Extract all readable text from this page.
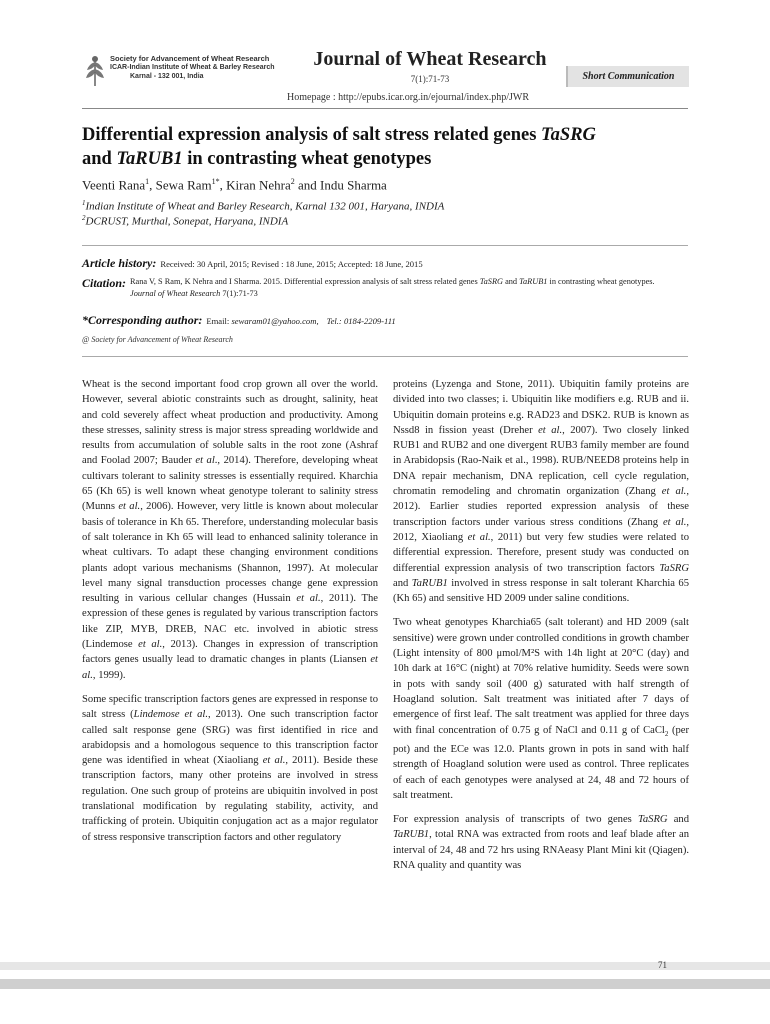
Society for Advancement of Wheat Research
ICAR-Indian Institute of Wheat & Barley Research
Karnal - 132 001, India
Journal of Wheat Research
7(1):71-73
Homepage : http://epubs.icar.org.in/ejournal/index.php/JWR
Short Communication
Differential expression analysis of salt stress related genes TaSRG
and TaRUB1 in contrasting wheat genotypes
Veenti Rana$^1$, Sewa Ram$^{1*}$, Kiran Nehra$^2$ and Indu Sharma
$^1$Indian Institute of Wheat and Barley Research, Karnal 132 001, Haryana, INDIA
$^2$DCRUST, Murthal, Sonepat, Haryana, INDIA
Article history: Received: 30 April, 2015; Revised : 18 June, 2015; Accepted: 18 June, 2015
Citation: Rana V, S Ram, K Nehra and I Sharma. 2015. Differential expression analysis of salt stress related genes TaSRG and TaRUB1 in contrasting wheat genotypes. Journal of Wheat Research 7(1):71-73
*Corresponding author: Email: sewaram01@yahoo.com, Tel.: 0184-2209-111
@ Society for Advancement of Wheat Research

Wheat is the second important food crop grown all over the world. However, several abiotic constraints such as drought, salinity, heat and cold severely affect wheat production and productivity. Among these stresses, salinity stress is major stress spreading worldwide and results from accumulation of soluble salts in the root zone (Ashraf and Foolad 2007; Bauder et al., 2014). Therefore, developing wheat cultivars tolerant to salinity stresses is essentially required. Kharchia 65 (Kh 65) is well known wheat genotype tolerant to salinity stress (Munns et al., 2006). However, very little is known about molecular basis of tolerance in Kh 65. Therefore, understanding molecular basis of salt tolerance in Kh 65 will lead to enhanced salinity tolerance in wheat cultivars. To adapt these changing environment conditions plants adopt various mechanisms (Shannon, 1997). At molecular level many signal transduction processes change gene expression resulting in various cellular changes (Hussain et al., 2011). The expression of these genes is regulated by various transcription factors like ZIP, MYB, DREB, NAC etc. involved in abiotic stress (Lindemose et al., 2013). Changes in expression of transcription factors genes usually lead to dramatic changes in plants (Liansen et al., 1999).

Some specific transcription factors genes are expressed in response to salt stress (Lindemose et al., 2013). One such transcription factor called salt response gene (SRG) was first identified in rice and arabidopsis and a homologous sequence to this transcription factor gene was identified in wheat (Xiaoliang et al., 2011). Beside these transcription factors, many other proteins are involved in stress regulation. One such group of proteins are ubiquitin involved in post translational modification by regulating stability, activity, and trafficking of protein. Ubiquitin conjugation act as a major regulator of stress responsive transcription factors and other regulatory

proteins (Lyzenga and Stone, 2011). Ubiquitin family proteins are divided into two classes; i. Ubiquitin like modifiers e.g. RUB and ii. Ubiquitin domain proteins e.g. RAD23 and DSK2. RUB is known as Nssd8 in fission yeast (Dreher et al., 2007). Two closely linked RUB1 and RUB2 and one divergent RUB3 family member are found in Arabidopsis (Rao-Naik et al., 1998). RUB/NEED8 proteins help in DNA repair mechanism, DNA replication, cell cycle regulation, chromatin remodeling and chromatin organization (Zhang et al., 2012). Earlier studies reported expression analysis of these transcription factors under various stress conditions (Zhang et al., 2012, Xiaoliang et al., 2011) but very few studies were related to differential expression. Therefore, present study was conducted on differential expression analysis of two transcription factors TaSRG and TaRUB1 involved in stress response in salt tolerant Kharchia 65 (Kh 65) and sensitive HD 2009 under saline conditions.

Two wheat genotypes Kharchia65 (salt tolerant) and HD 2009 (salt sensitive) were grown under controlled conditions in growth chamber (Light intensity of 800 μmol/M²S with 14h light at 20°C (day) and 10h dark at 16°C (night) at 70% relative humidity. Seeds were sown in pots with sandy soil (400 g) saturated with half strength of Hoagland solution. Salt treatment was initiated after 7 days of emergence of first leaf. The salt treatment was applied for three days with final concentration of 0.75 g of NaCl and 0.11 g of CaCl$_2$ (per pot) and the ECe was 12.0. Plants grown in pots in sand with half strength of Hoagland solution were used as control. Three replicates of each of each genotypes were analysed at 24, 48 and 72 hours of salt treatment.

For expression analysis of transcripts of two genes TaSRG and TaRUB1, total RNA was extracted from roots and leaf blade after an interval of 24, 48 and 72 hrs using RNAeasy Plant Mini kit (Qiagen). RNA quality and quantity was

71
